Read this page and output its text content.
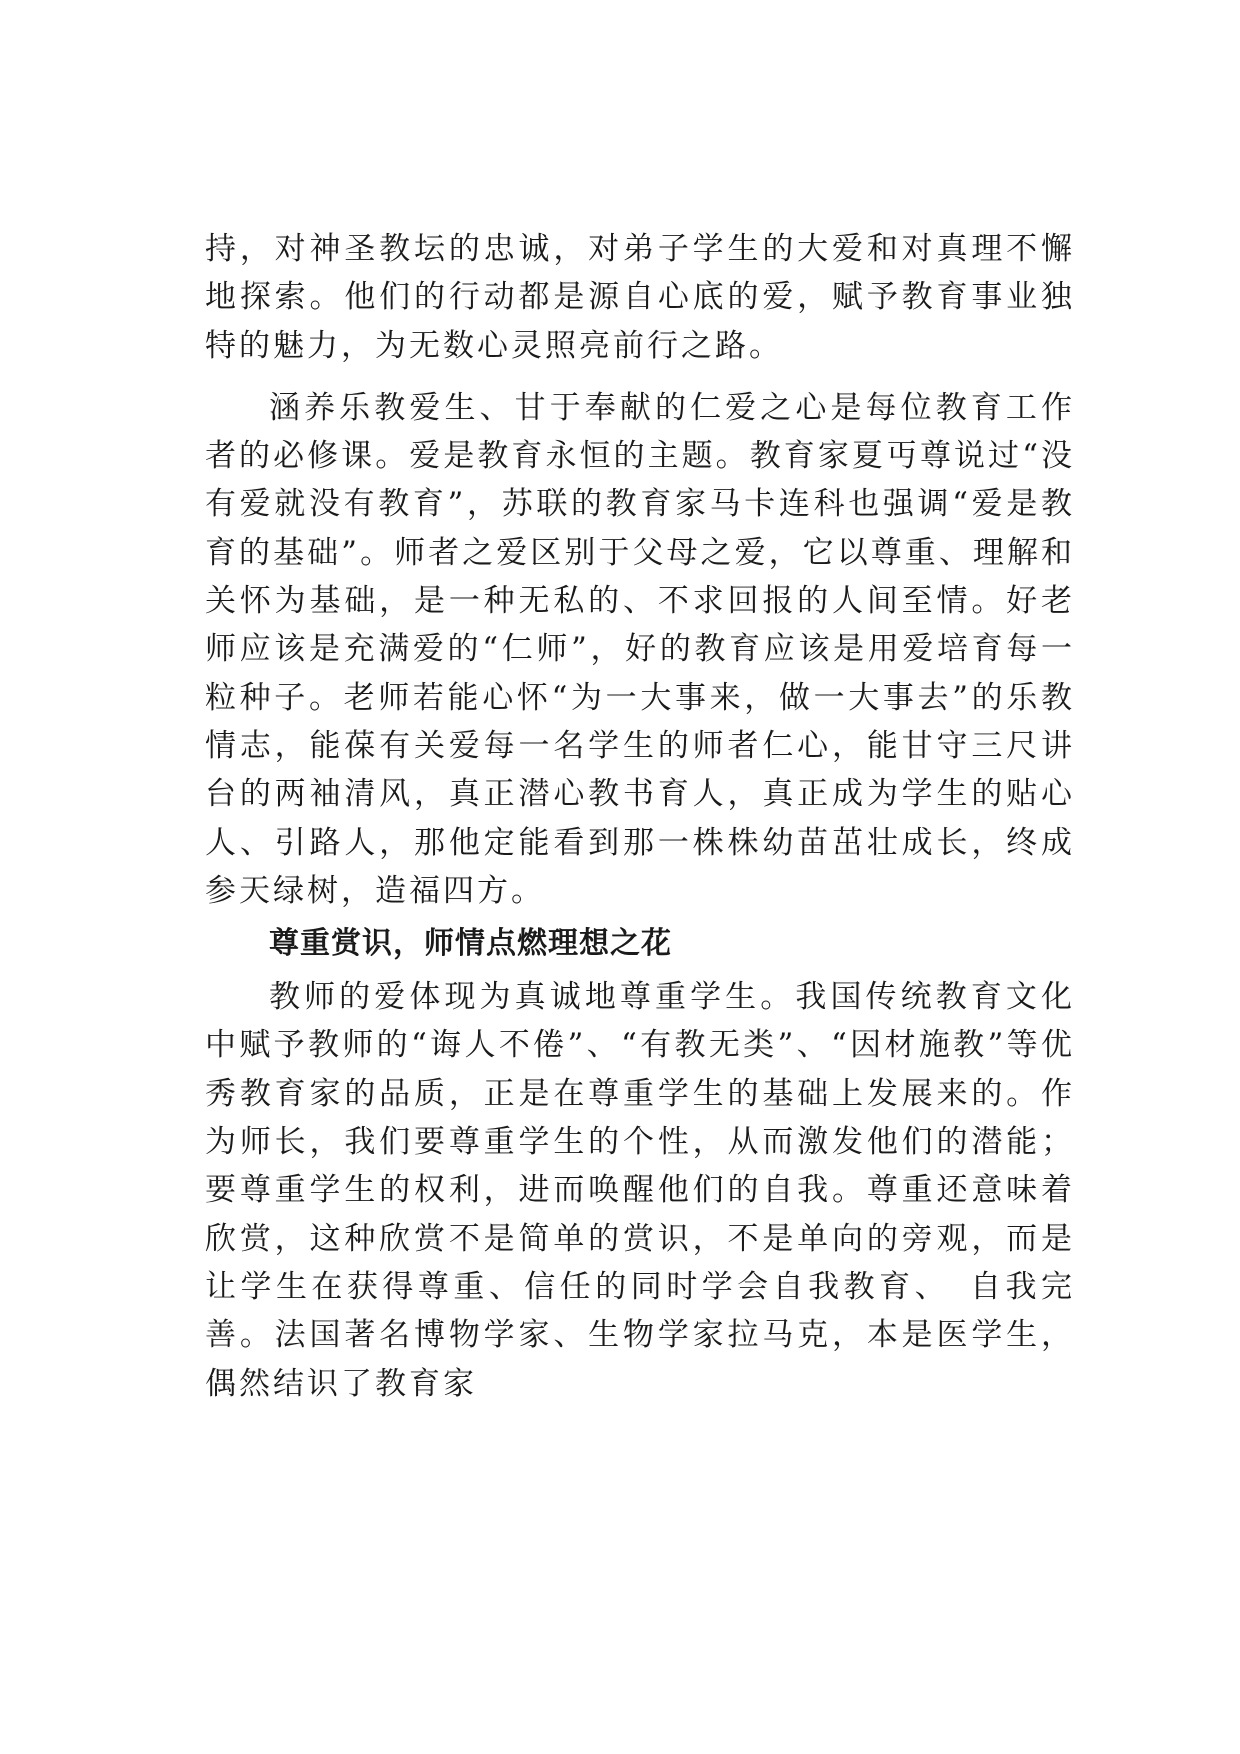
持，对神圣教坛的忠诚，对弟子学生的大爱和对真理不懈地探索。他们的行动都是源自心底的爱，赋予教育事业独特的魅力，为无数心灵照亮前行之路。

涵养乐教爱生、甘于奉献的仁爱之心是每位教育工作者的必修课。爱是教育永恒的主题。教育家夏丏尊说过“没有爱就没有教育”，苏联的教育家马卡连科也强调“爱是教育的基础”。师者之爱区别于父母之爱，它以尊重、理解和关怀为基础，是一种无私的、不求回报的人间至情。好老师应该是充满爱的“仁师”，好的教育应该是用爱培育每一粒种子。老师若能心怀“为一大事来，做一大事去”的乐教情志，能葆有关爱每一名学生的师者仁心，能甘守三尺讲台的两袖清风，真正潜心教书育人，真正成为学生的贴心人、引路人，那他定能看到那一株株幼苗茁壮成长，终成参天绿树，造福四方。

尊重赏识，师情点燃理想之花

教师的爱体现为真诚地尊重学生。我国传统教育文化中赋予教师的“诲人不倦”、“有教无类”、“因材施教”等优秀教育家的品质，正是在尊重学生的基础上发展来的。作为师长，我们要尊重学生的个性，从而激发他们的潜能；要尊重学生的权利，进而唤醒他们的自我。尊重还意味着欣赏，这种欣赏不是简单的赏识，不是单向的旁观，而是让学生在获得尊重、信任的同时学会自我教育、　自我完善。法国著名博物学家、生物学家拉马克，本是医学生，偶然结识了教育家
